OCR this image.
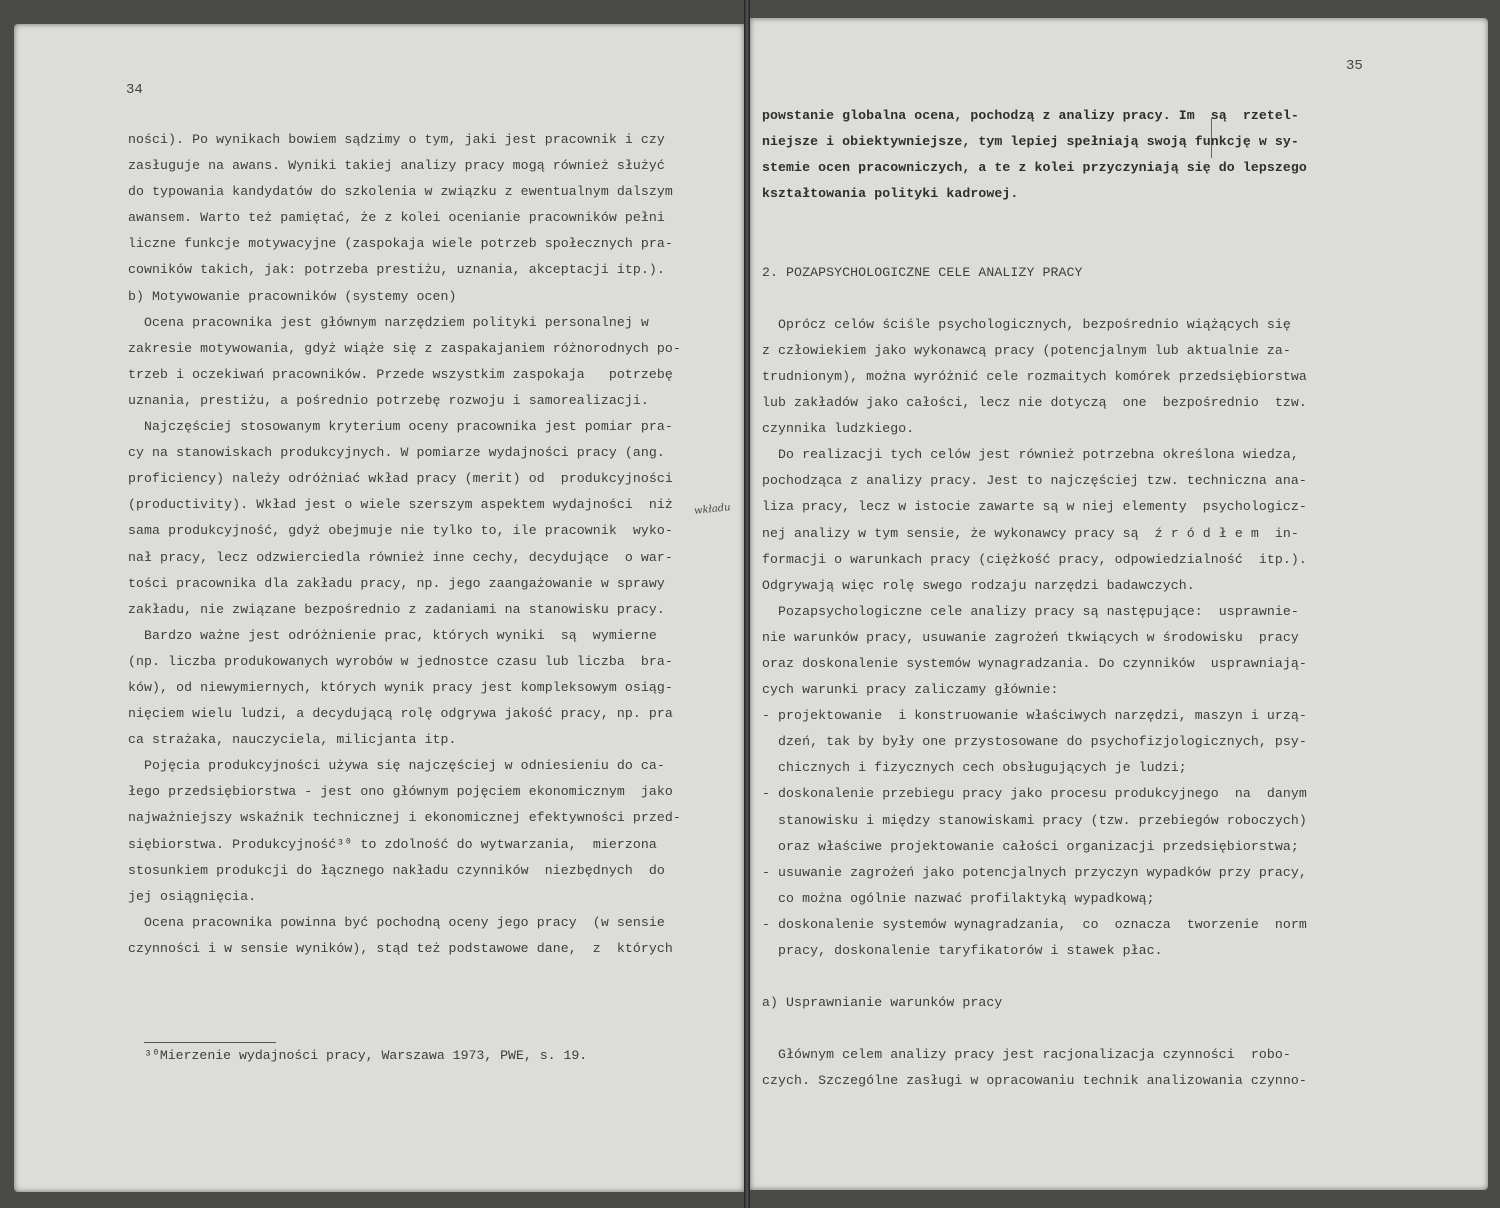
34
ności). Po wynikach bowiem sądzimy o tym, jaki jest pracownik i czy
zasługuje na awans. Wyniki takiej analizy pracy mogą również służyć
do typowania kandydatów do szkolenia w związku z ewentualnym dalszym
awansem. Warto też pamiętać, że z kolei ocenianie pracowników pełni
liczne funkcje motywacyjne (zaspokaja wiele potrzeb społecznych pra-
cowników takich, jak: potrzeba prestiżu, uznania, akceptacji itp.).
b) Motywowanie pracowników (systemy ocen)
Ocena pracownika jest głównym narzędziem polityki personalnej w
zakresie motywowania, gdyż wiąże się z zaspakajaniem różnorodnych po-
trzeb i oczekiwań pracowników. Przede wszystkim zaspokaja   potrzebę
uznania, prestiżu, a pośrednio potrzebę rozwoju i samorealizacji.
Najczęściej stosowanym kryterium oceny pracownika jest pomiar pra-
cy na stanowiskach produkcyjnych. W pomiarze wydajności pracy (ang.
proficiency) należy odróżniać wkład pracy (merit) od  produkcyjności
(productivity). Wkład jest o wiele szerszym aspektem wydajności  niż
sama produkcyjność, gdyż obejmuje nie tylko to, ile pracownik  wyko-
nał pracy, lecz odzwierciedla również inne cechy, decydujące  o war-
tości pracownika dla zakładu pracy, np. jego zaangażowanie w sprawy
zakładu, nie związane bezpośrednio z zadaniami na stanowisku pracy.
Bardzo ważne jest odróżnienie prac, których wyniki  są  wymierne
(np. liczba produkowanych wyrobów w jednostce czasu lub liczba  bra-
ków), od niewymiernych, których wynik pracy jest kompleksowym osiąg-
nięciem wielu ludzi, a decydującą rolę odgrywa jakość pracy, np. pra
ca strażaka, nauczyciela, milicjanta itp.
Pojęcia produkcyjności używa się najczęściej w odniesieniu do ca-
łego przedsiębiorstwa - jest ono głównym pojęciem ekonomicznym  jako
najważniejszy wskaźnik technicznej i ekonomicznej efektywności przed-
siębiorstwa. Produkcyjność³⁰ to zdolność do wytwarzania,  mierzona
stosunkiem produkcji do łącznego nakładu czynników  niezbędnych  do
jej osiągnięcia.
Ocena pracownika powinna być pochodną oceny jego pracy  (w sensie
czynności i w sensie wyników), stąd też podstawowe dane,  z  których
wkładu
³⁰Mierzenie wydajności pracy, Warszawa 1973, PWE, s. 19.
35
powstanie globalna ocena, pochodzą z analizy pracy. Im  są  rzetel-
niejsze i obiektywniejsze, tym lepiej spełniają swoją funkcję w sy-
stemie ocen pracowniczych, a te z kolei przyczyniają się do lepszego
kształtowania polityki kadrowej.
2. POZAPSYCHOLOGICZNE CELE ANALIZY PRACY
Oprócz celów ściśle psychologicznych, bezpośrednio wiążących się
z człowiekiem jako wykonawcą pracy (potencjalnym lub aktualnie za-
trudnionym), można wyróżnić cele rozmaitych komórek przedsiębiorstwa
lub zakładów jako całości, lecz nie dotyczą  one  bezpośrednio  tzw.
czynnika ludzkiego.
Do realizacji tych celów jest również potrzebna określona wiedza,
pochodząca z analizy pracy. Jest to najczęściej tzw. techniczna ana-
liza pracy, lecz w istocie zawarte są w niej elementy  psychologicz-
nej analizy w tym sensie, że wykonawcy pracy są  ź r ó d ł e m  in-
formacji o warunkach pracy (ciężkość pracy, odpowiedzialność  itp.).
Odgrywają więc rolę swego rodzaju narzędzi badawczych.
Pozapsychologiczne cele analizy pracy są następujące:  usprawnie-
nie warunków pracy, usuwanie zagrożeń tkwiących w środowisku  pracy
oraz doskonalenie systemów wynagradzania. Do czynników  usprawniają-
cych warunki pracy zaliczamy głównie:
- projektowanie  i konstruowanie właściwych narzędzi, maszyn i urzą-
dzeń, tak by były one przystosowane do psychofizjologicznych, psy-
chicznych i fizycznych cech obsługujących je ludzi;
- doskonalenie przebiegu pracy jako procesu produkcyjnego  na  danym
stanowisku i między stanowiskami pracy (tzw. przebiegów roboczych)
oraz właściwe projektowanie całości organizacji przedsiębiorstwa;
- usuwanie zagrożeń jako potencjalnych przyczyn wypadków przy pracy,
co można ogólnie nazwać profilaktyką wypadkową;
- doskonalenie systemów wynagradzania,  co  oznacza  tworzenie  norm
pracy, doskonalenie taryfikatorów i stawek płac.
a) Usprawnianie warunków pracy
Głównym celem analizy pracy jest racjonalizacja czynności  robo-
czych. Szczególne zasługi w opracowaniu technik analizowania czynno-
